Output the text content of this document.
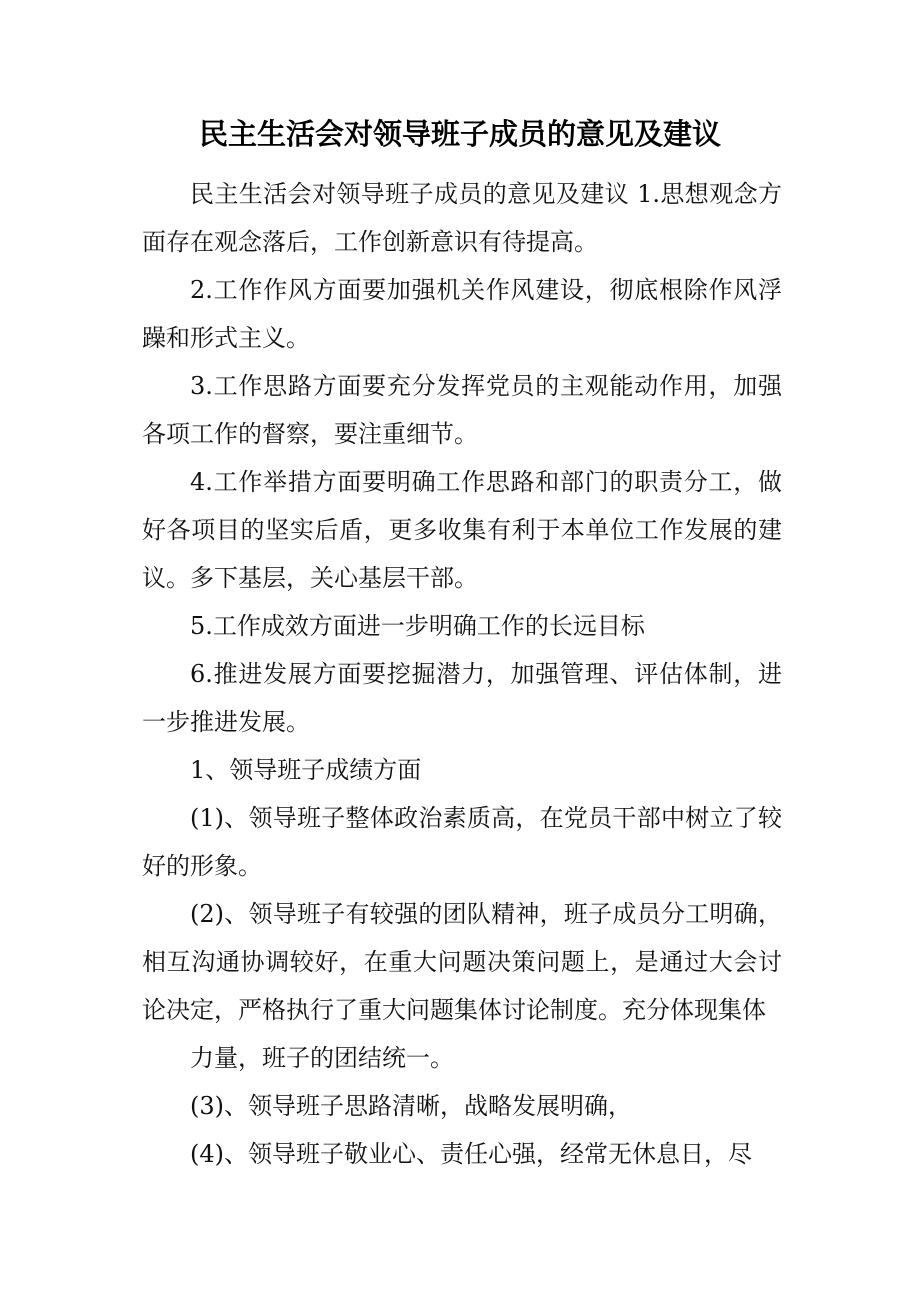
民主生活会对领导班子成员的意见及建议

民主生活会对领导班子成员的意见及建议 1.思想观念方面存在观念落后，工作创新意识有待提高。

2.工作作风方面要加强机关作风建设，彻底根除作风浮躁和形式主义。

3.工作思路方面要充分发挥党员的主观能动作用，加强各项工作的督察，要注重细节。

4.工作举措方面要明确工作思路和部门的职责分工，做好各项目的坚实后盾，更多收集有利于本单位工作发展的建议。多下基层，关心基层干部。

5.工作成效方面进一步明确工作的长远目标

6.推进发展方面要挖掘潜力，加强管理、评估体制，进一步推进发展。

1、领导班子成绩方面

(1)、领导班子整体政治素质高，在党员干部中树立了较好的形象。

(2)、领导班子有较强的团队精神，班子成员分工明确，相互沟通协调较好，在重大问题决策问题上，是通过大会讨论决定，严格执行了重大问题集体讨论制度。充分体现集体

力量，班子的团结统一。

(3)、领导班子思路清晰，战略发展明确，

(4)、领导班子敬业心、责任心强，经常无休息日，尽
